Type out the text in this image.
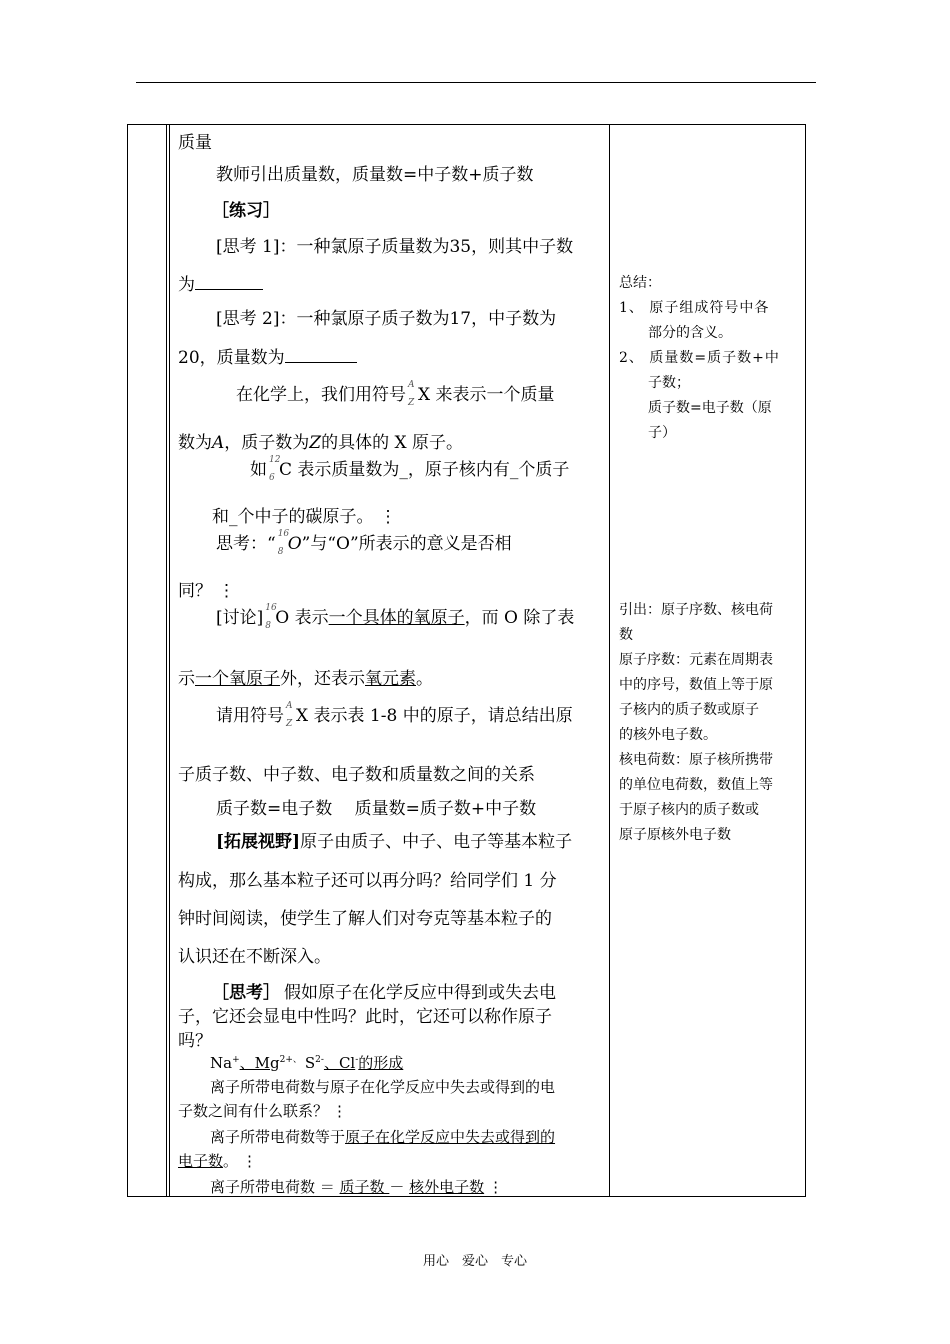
质量
教师引出质量数，质量数=中子数+质子数
［练习］
[思考 1]：一种氯原子质量数为35，则其中子数
为
[思考 2]：一种氯原子质子数为17，中子数为
20，质量数为
在化学上，我们用符号
A
Z X 来表示一个质量
数为A，质子数为Z的具体的 X 原子。
如
12
6 C 表示质量数为_，原子核内有_个质子
和_个中子的碳原子。 ⋮
思考：“
16
8 O”与“O”所表示的意义是否相
同？ ⋮
[讨论]
16
8 O 表示一个具体的氧原子，而 O 除了表
示一个氧原子外，还表示氧元素。
请用符号
A
Z X 表示表 1-8 中的原子，请总结出原
子质子数、中子数、电子数和质量数之间的关系
质子数=电子数　 质量数=质子数+中子数
[拓展视野]原子由质子、中子、电子等基本粒子
构成，那么基本粒子还可以再分吗？给同学们 1 分
钟时间阅读，使学生了解人们对夸克等基本粒子的
认识还在不断深入。
［思考］ 假如原子在化学反应中得到或失去电
子，它还会显电中性吗？此时，它还可以称作原子
吗？
Na+、$Mg^{2+、}$ $S^{2-}$、Cl-的形成
离子所带电荷数与原子在化学反应中失去或得到的电
子数之间有什么联系？ ⋮
离子所带电荷数等于原子在化学反应中失去或得到的
电子数。 ⋮
离子所带电荷数 ＝ 质子数 － 核外电子数 ⋮
总结：
1、 原子组成符号中各
部分的含义。
2、 质量数=质子数+中
子数；
质子数=电子数（原
子）
引出：原子序数、核电荷
数
原子序数：元素在周期表
中的序号，数值上等于原
子核内的质子数或原子
的核外电子数。
核电荷数：原子核所携带
的单位电荷数，数值上等
于原子核内的质子数或
原子原核外电子数
用心　爱心　专心
